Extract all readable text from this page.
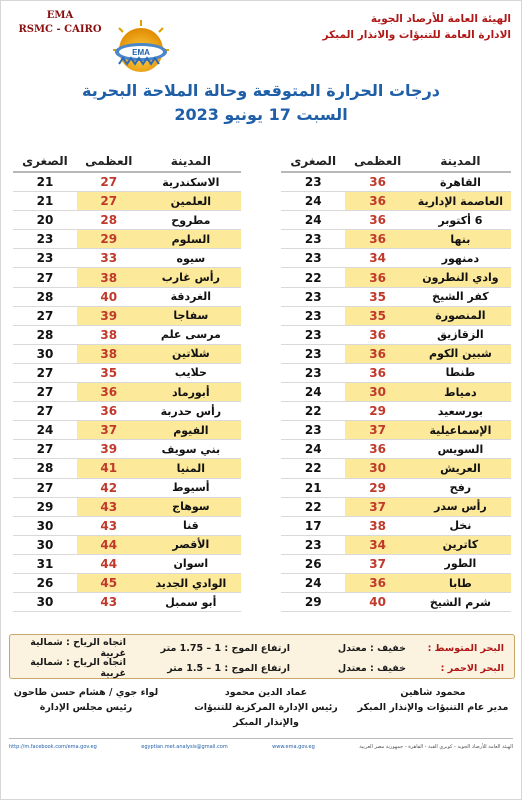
EMA
RSMC - CAIRO
EMA
الهيئة العامة للأرصاد الجوية
الادارة العامة للتنبؤات والانذار المبكر
درجات الحرارة المتوقعة وحالة الملاحة البحرية
السبت 17 يونيو 2023
المدينة
العظمى
الصغرى
القاهرة
36
23
العاصمة الإدارية
36
24
6 أكتوبر
36
24
بنها
36
23
دمنهور
34
23
وادي النطرون
36
22
كفر الشيخ
35
23
المنصورة
35
23
الزقازيق
36
23
شبين الكوم
36
23
طنطا
36
23
دمياط
30
24
بورسعيد
29
22
الإسماعيلية
37
23
السويس
36
24
العريش
30
22
رفح
29
21
رأس سدر
37
22
نخل
38
17
كاترين
34
23
الطور
37
26
طابا
36
24
شرم الشيخ
40
29
المدينة
العظمى
الصغرى
الاسكندرية
27
21
العلمين
27
21
مطروح
28
20
السلوم
29
23
سيوه
33
23
رأس غارب
38
27
الغردقة
40
28
سفاجا
39
27
مرسى علم
38
28
شلاتين
38
30
حلايب
35
27
أبورماد
36
27
رأس حدربة
36
27
الفيوم
37
24
بني سويف
39
27
المنيا
41
28
أسيوط
42
27
سوهاج
43
29
قنا
43
30
الأقصر
44
30
اسوان
44
31
الوادي الجديد
45
26
أبو سمبل
43
30
البحر المتوسط :
خفيف : معتدل
ارتفاع الموج : 1 – 1.75 متر
اتجاه الرياح : شمالية غربية
البحر الاحمر :
خفيف : معتدل
ارتفاع الموج : 1 – 1.5 متر
اتجاه الرياح : شمالية غربية
محمود شاهين
مدير عام التنبؤات والإنذار المبكر
عماد الدين محمود
رئيس الإدارة المركزية للتنبؤات والإنذار المبكر
لواء جوي / هشام حسن طاحون
رئيس مجلس الإدارة
الهيئة العامة للأرصاد الجوية - كوبري القبة - القاهرة - جمهورية مصر العربية
www.ema.gov.eg
egyptian.met.analysis@gmail.com
http://m.facebook.com/ema.gov.eg
